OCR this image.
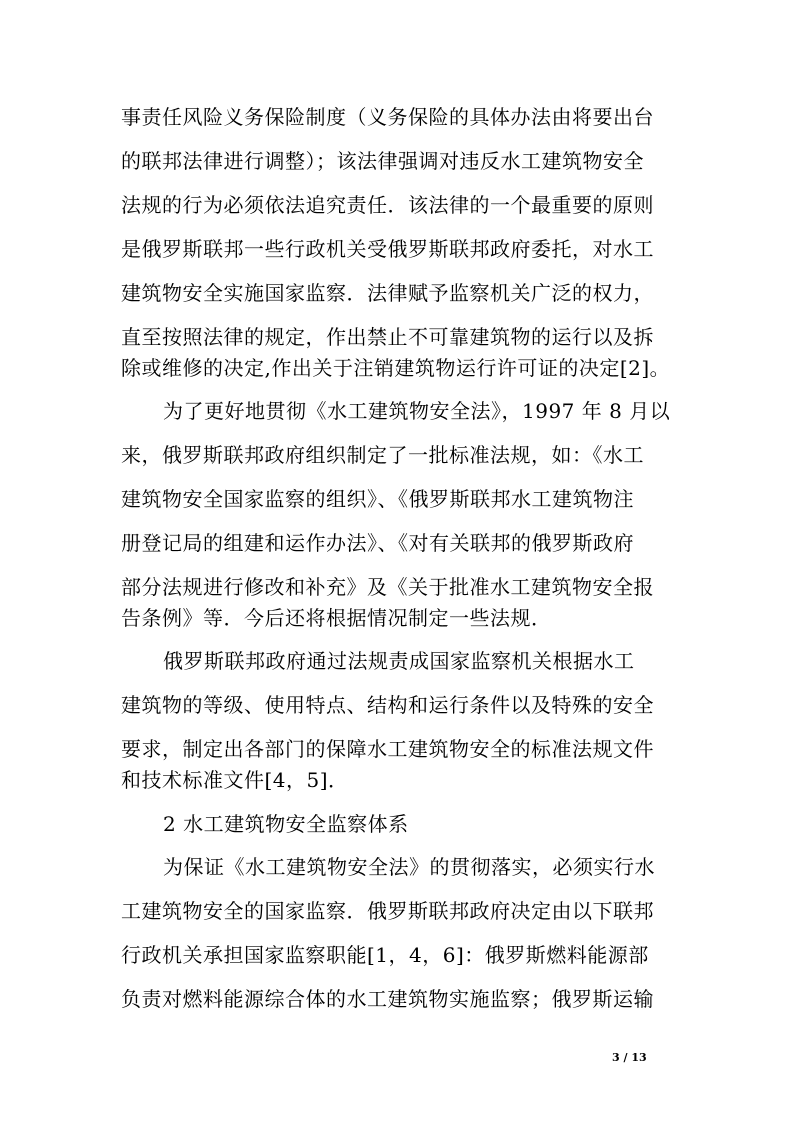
事责任风险义务保险制度（义务保险的具体办法由将要出台
的联邦法律进行调整）；该法律强调对违反水工建筑物安全
法规的行为必须依法追究责任．该法律的一个最重要的原则
是俄罗斯联邦一些行政机关受俄罗斯联邦政府委托，对水工
建筑物安全实施国家监察．法律赋予监察机关广泛的权力，
直至按照法律的规定，作出禁止不可靠建筑物的运行以及拆
除或维修的决定,作出关于注销建筑物运行许可证的决定[2]。
为了更好地贯彻《水工建筑物安全法》，1997 年 8 月以
来，俄罗斯联邦政府组织制定了一批标准法规，如：《水工
建筑物安全国家监察的组织》、《俄罗斯联邦水工建筑物注
册登记局的组建和运作办法》、《对有关联邦的俄罗斯政府
部分法规进行修改和补充》及《关于批准水工建筑物安全报
告条例》等．今后还将根据情况制定一些法规．
俄罗斯联邦政府通过法规责成国家监察机关根据水工
建筑物的等级、使用特点、结构和运行条件以及特殊的安全
要求，制定出各部门的保障水工建筑物安全的标准法规文件
和技术标准文件[4，5]．
2 水工建筑物安全监察体系
为保证《水工建筑物安全法》的贯彻落实，必须实行水
工建筑物安全的国家监察．俄罗斯联邦政府决定由以下联邦
行政机关承担国家监察职能[1，4，6]：俄罗斯燃料能源部
负责对燃料能源综合体的水工建筑物实施监察；俄罗斯运输
3 / 13
